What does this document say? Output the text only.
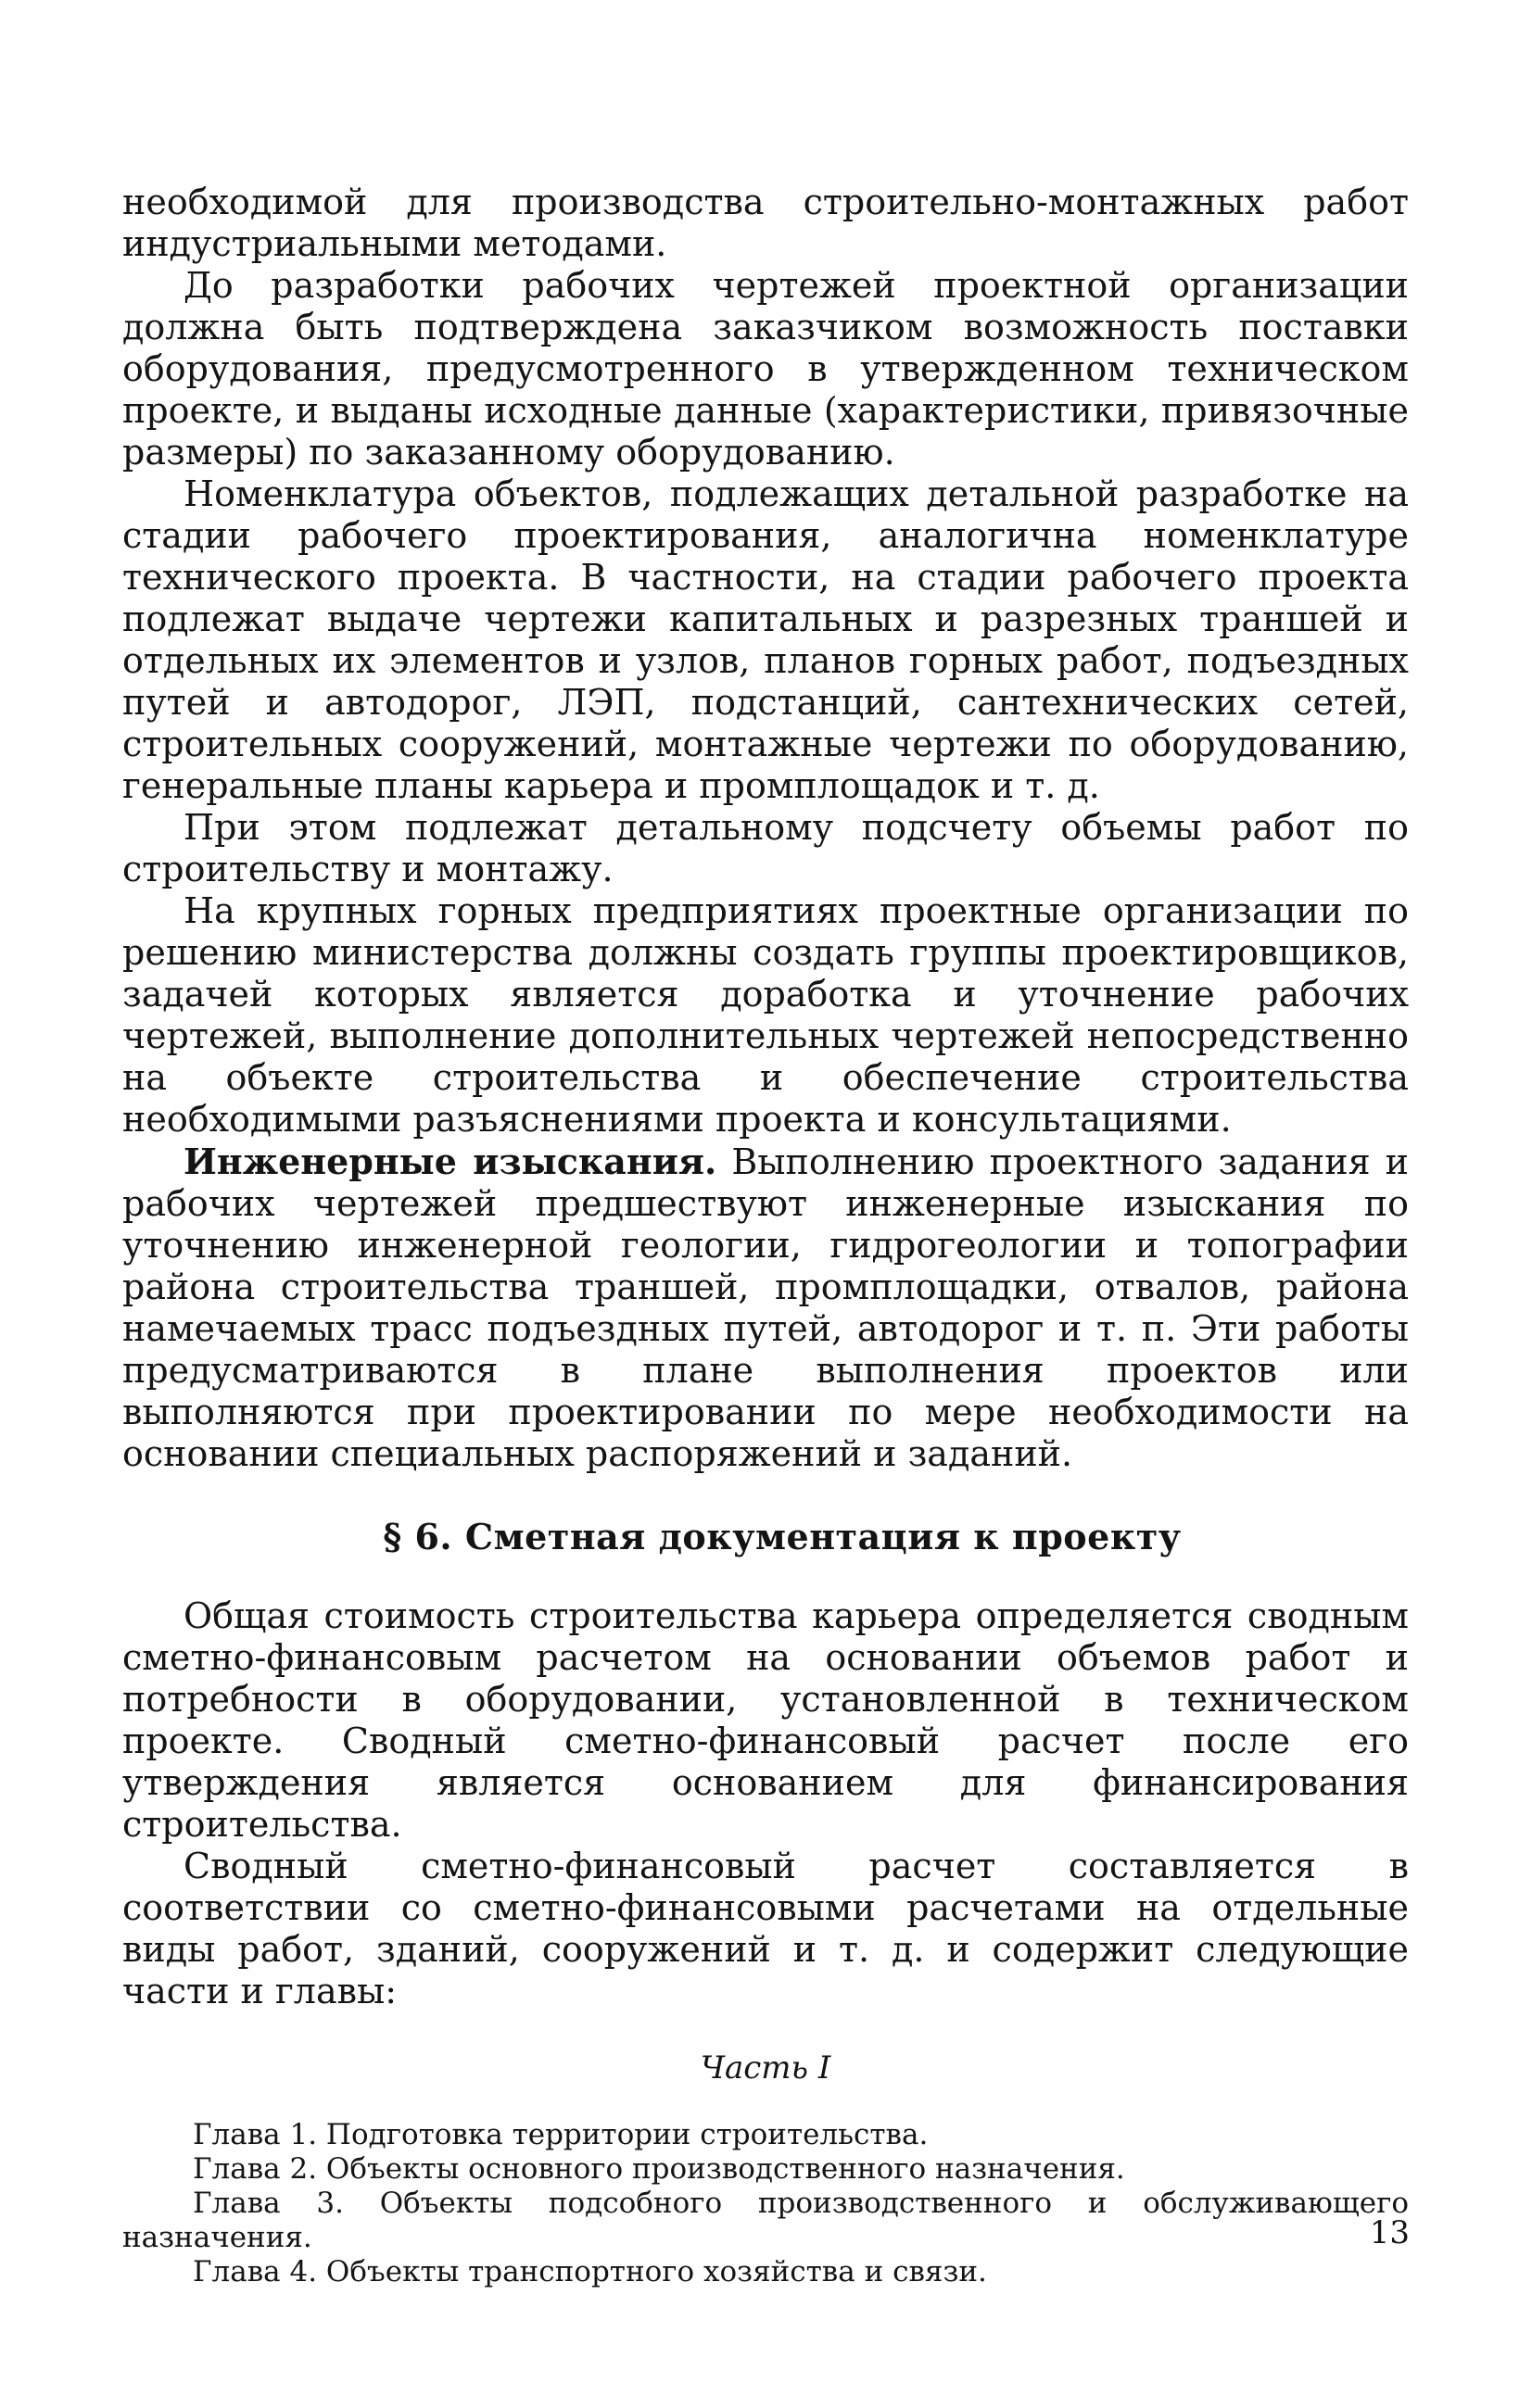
необходимой для производства строительно-монтажных работ индустриальными методами.

До разработки рабочих чертежей проектной организации должна быть подтверждена заказчиком возможность поставки оборудования, предусмотренного в утвержденном техническом проекте, и выданы исходные данные (характеристики, привязочные размеры) по заказанному оборудованию.

Номенклатура объектов, подлежащих детальной разработке на стадии рабочего проектирования, аналогична номенклатуре технического проекта. В частности, на стадии рабочего проекта подлежат выдаче чертежи капитальных и разрезных траншей и отдельных их элементов и узлов, планов горных работ, подъездных путей и автодорог, ЛЭП, подстанций, сантехнических сетей, строительных сооружений, монтажные чертежи по оборудованию, генеральные планы карьера и промплощадок и т. д.

При этом подлежат детальному подсчету объемы работ по строительству и монтажу.

На крупных горных предприятиях проектные организации по решению министерства должны создать группы проектировщиков, задачей которых является доработка и уточнение рабочих чертежей, выполнение дополнительных чертежей непосредственно на объекте строительства и обеспечение строительства необходимыми разъяснениями проекта и консультациями.

Инженерные изыскания. Выполнению проектного задания и рабочих чертежей предшествуют инженерные изыскания по уточнению инженерной геологии, гидрогеологии и топографии района строительства траншей, промплощадки, отвалов, района намечаемых трасс подъездных путей, автодорог и т. п. Эти работы предусматриваются в плане выполнения проектов или выполняются при проектировании по мере необходимости на основании специальных распоряжений и заданий.

§ 6. Сметная документация к проекту

Общая стоимость строительства карьера определяется сводным сметно-финансовым расчетом на основании объемов работ и потребности в оборудовании, установленной в техническом проекте. Сводный сметно-финансовый расчет после его утверждения является основанием для финансирования строительства.

Сводный сметно-финансовый расчет составляется в соответствии со сметно-финансовыми расчетами на отдельные виды работ, зданий, сооружений и т. д. и содержит следующие части и главы:

Часть I
Глава 1. Подготовка территории строительства.
Глава 2. Объекты основного производственного назначения.
Глава 3. Объекты подсобного производственного и обслуживающего назначения.
Глава 4. Объекты транспортного хозяйства и связи.
13
